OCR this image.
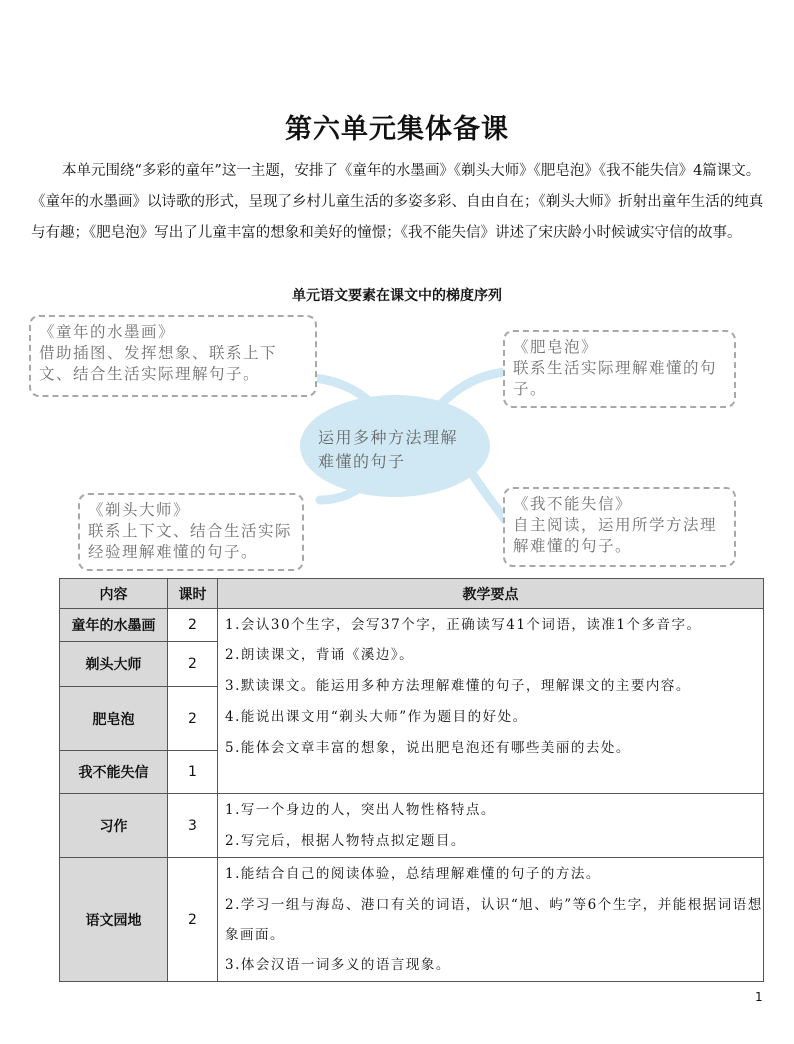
第六单元集体备课
本单元围绕“多彩的童年”这一主题，安排了《童年的水墨画》《剃头大师》《肥皂泡》《我不能失信》4篇课文。《童年的水墨画》以诗歌的形式，呈现了乡村儿童生活的多姿多彩、自由自在；《剃头大师》折射出童年生活的纯真与有趣；《肥皂泡》写出了儿童丰富的想象和美好的憧憬；《我不能失信》讲述了宋庆龄小时候诚实守信的故事。
单元语文要素在课文中的梯度序列
运用多种方法理解难懂的句子
《童年的水墨画》
借助插图、发挥想象、联系上下文、结合生活实际理解句子。
《肥皂泡》
联系生活实际理解难懂的句子。
《剃头大师》
联系上下文、结合生活实际经验理解难懂的句子。
《我不能失信》
自主阅读，运用所学方法理解难懂的句子。
内容	课时	教学要点
童年的水墨画	2	1.会认30个生字，会写37个字，正确读写41个词语，读准1个多音字。
2.朗读课文，背诵《溪边》。
3.默读课文。能运用多种方法理解难懂的句子，理解课文的主要内容。
4.能说出课文用“剃头大师”作为题目的好处。
5.能体会文章丰富的想象，说出肥皂泡还有哪些美丽的去处。

剃头大师	2	
肥皂泡	2	
我不能失信	1	
习作	3	1.写一个身边的人，突出人物性格特点。
2.写完后，根据人物特点拟定题目。

语文园地	2	1.能结合自己的阅读体验，总结理解难懂的句子的方法。
2.学习一组与海岛、港口有关的词语，认识“旭、屿”等6个生字，并能根据词语想象画面。
3.体会汉语一词多义的语言现象。
1
